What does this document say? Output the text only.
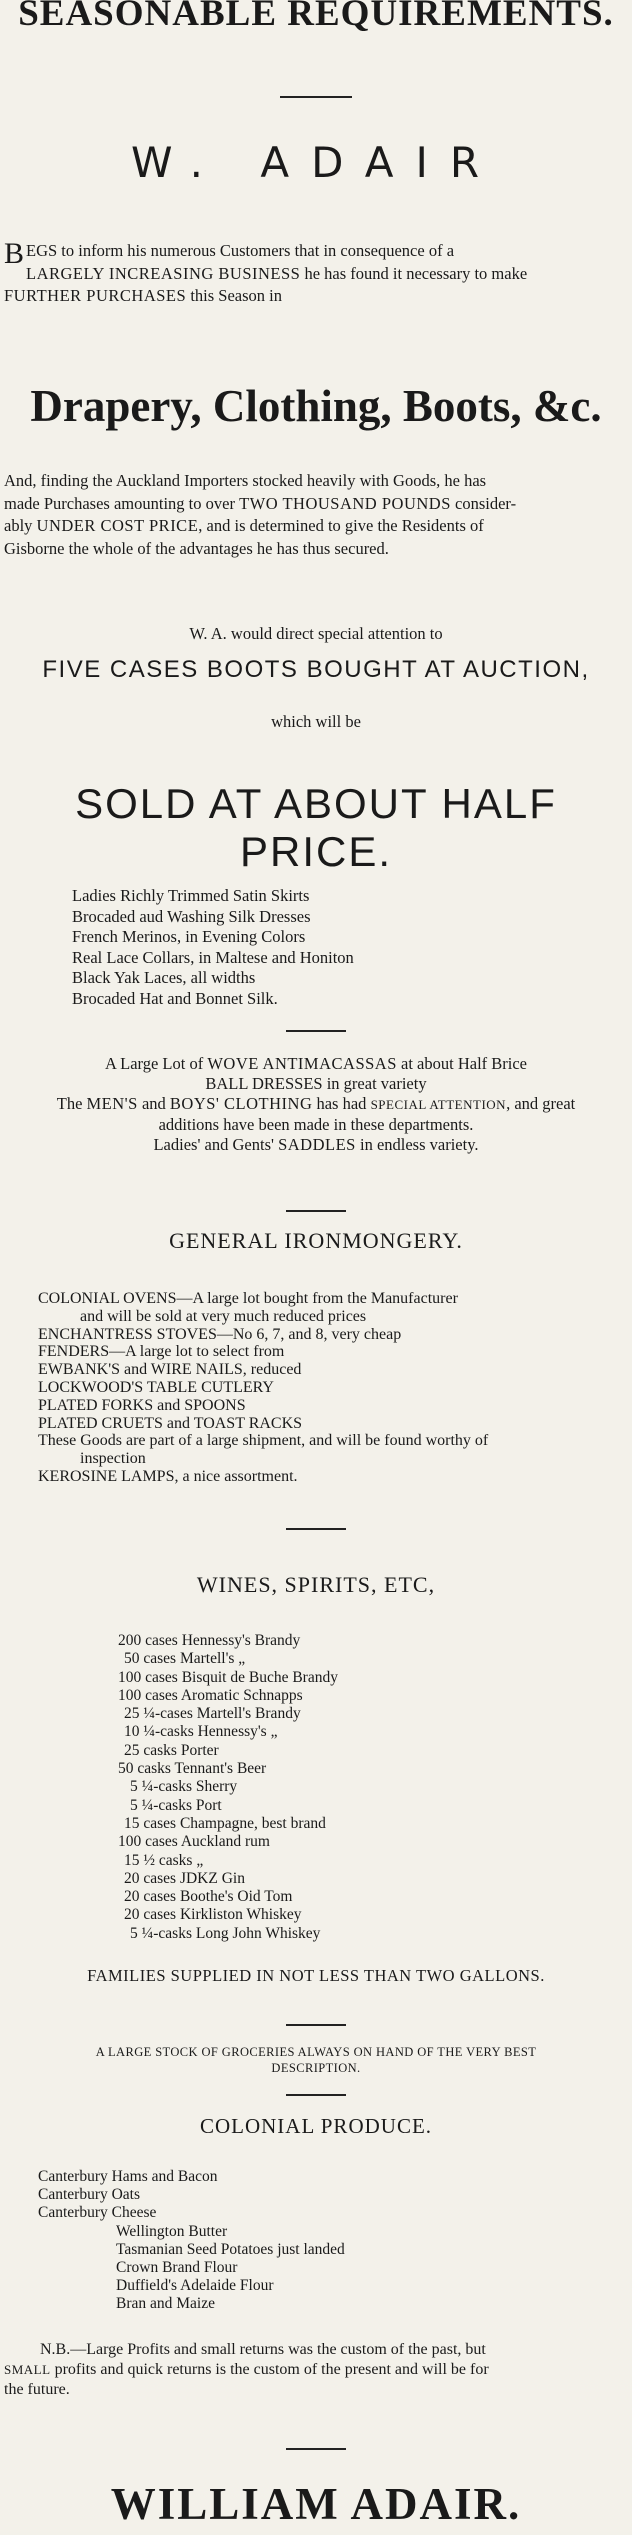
SEASONABLE REQUIREMENTS.
W. ADAIR
BEGS to inform his numerous Customers that in consequence of a
LARGELY INCREASING BUSINESS he has found it necessary to make
FURTHER PURCHASES this Season in
Drapery, Clothing, Boots, &c.
And, finding the Auckland Importers stocked heavily with Goods, he has
made Purchases amounting to over TWO THOUSAND POUNDS consider-
ably UNDER COST PRICE, and is determined to give the Residents of
Gisborne the whole of the advantages he has thus secured.
W. A. would direct special attention to
FIVE CASES BOOTS BOUGHT AT AUCTION,
which will be
SOLD AT ABOUT HALF PRICE.
Ladies Richly Trimmed Satin Skirts
Brocaded aud Washing Silk Dresses
French Merinos, in Evening Colors
Real Lace Collars, in Maltese and Honiton
Black Yak Laces, all widths
Brocaded Hat and Bonnet Silk.
A Large Lot of WOVE ANTIMACASSAS at about Half Brice
BALL DRESSES in great variety
The MEN'S and BOYS' CLOTHING has had SPECIAL ATTENTION, and great
additions have been made in these departments.
Ladies' and Gents' SADDLES in endless variety.
GENERAL IRONMONGERY.
COLONIAL OVENS—A large lot bought from the Manufacturer
and will be sold at very much reduced prices
ENCHANTRESS STOVES—No 6, 7, and 8, very cheap
FENDERS—A large lot to select from
EWBANK'S and WIRE NAILS, reduced
LOCKWOOD'S TABLE CUTLERY
PLATED FORKS and SPOONS
PLATED CRUETS and TOAST RACKS
These Goods are part of a large shipment, and will be found worthy of
inspection
KEROSINE LAMPS, a nice assortment.
WINES, SPIRITS, ETC,
200 cases Hennessy's Brandy
50 cases Martell's „
100 cases Bisquit de Buche Brandy
100 cases Aromatic Schnapps
25 ¼-cases Martell's Brandy
10 ¼-casks Hennessy's „
25 casks Porter
50 casks Tennant's Beer
5 ¼-casks Sherry
5 ¼-casks Port
15 cases Champagne, best brand
100 cases Auckland rum
15 ½ casks „
20 cases JDKZ Gin
20 cases Boothe's Oid Tom
20 cases Kirkliston Whiskey
5 ¼-casks Long John Whiskey
FAMILIES SUPPLIED IN NOT LESS THAN TWO GALLONS.
A LARGE STOCK OF GROCERIES ALWAYS ON HAND OF THE VERY BEST
DESCRIPTION.
COLONIAL PRODUCE.
Canterbury Hams and Bacon
Canterbury Oats
Canterbury Cheese
Wellington Butter
Tasmanian Seed Potatoes just landed
Crown Brand Flour
Duffield's Adelaide Flour
Bran and Maize
N.B.—Large Profits and small returns was the custom of the past, but
SMALL profits and quick returns is the custom of the present and will be for
the future.
WILLIAM ADAIR.
